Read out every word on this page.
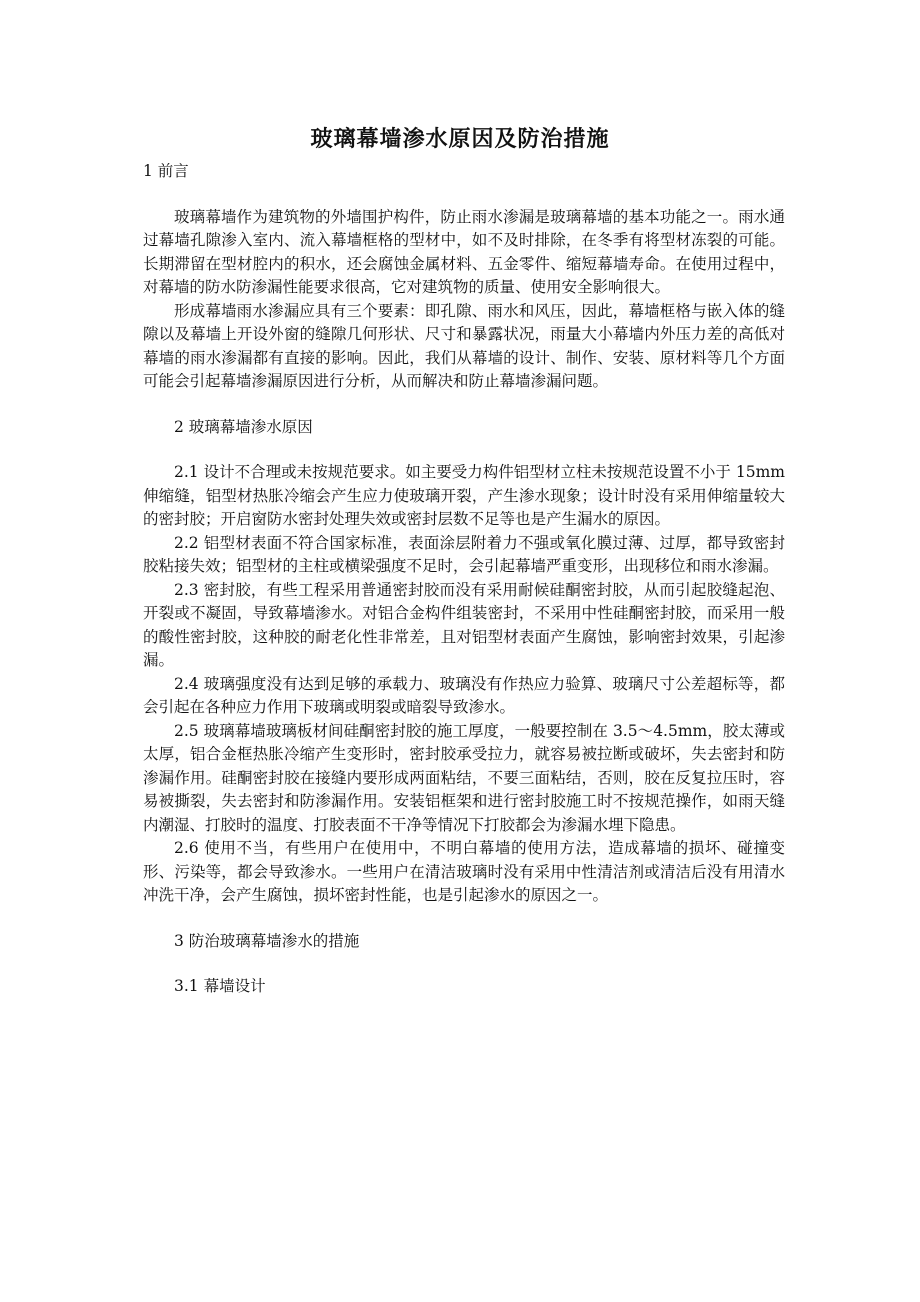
玻璃幕墙渗水原因及防治措施

1 前言

玻璃幕墙作为建筑物的外墙围护构件，防止雨水渗漏是玻璃幕墙的基本功能之一。雨水通过幕墙孔隙渗入室内、流入幕墙框格的型材中，如不及时排除，在冬季有将型材冻裂的可能。长期滞留在型材腔内的积水，还会腐蚀金属材料、五金零件、缩短幕墙寿命。在使用过程中，对幕墙的防水防渗漏性能要求很高，它对建筑物的质量、使用安全影响很大。

形成幕墙雨水渗漏应具有三个要素：即孔隙、雨水和风压，因此，幕墙框格与嵌入体的缝隙以及幕墙上开设外窗的缝隙几何形状、尺寸和暴露状况，雨量大小幕墙内外压力差的高低对幕墙的雨水渗漏都有直接的影响。因此，我们从幕墙的设计、制作、安装、原材料等几个方面可能会引起幕墙渗漏原因进行分析，从而解决和防止幕墙渗漏问题。

2 玻璃幕墙渗水原因

2.1 设计不合理或未按规范要求。如主要受力构件铝型材立柱未按规范设置不小于 15mm 伸缩缝，铝型材热胀冷缩会产生应力使玻璃开裂，产生渗水现象；设计时没有采用伸缩量较大的密封胶；开启窗防水密封处理失效或密封层数不足等也是产生漏水的原因。

2.2 铝型材表面不符合国家标准，表面涂层附着力不强或氧化膜过薄、过厚，都导致密封胶粘接失效；铝型材的主柱或横梁强度不足时，会引起幕墙严重变形，出现移位和雨水渗漏。

2.3 密封胶，有些工程采用普通密封胶而没有采用耐候硅酮密封胶，从而引起胶缝起泡、开裂或不凝固，导致幕墙渗水。对铝合金构件组装密封，不采用中性硅酮密封胶，而采用一般的酸性密封胶，这种胶的耐老化性非常差，且对铝型材表面产生腐蚀，影响密封效果，引起渗漏。

2.4 玻璃强度没有达到足够的承载力、玻璃没有作热应力验算、玻璃尺寸公差超标等，都会引起在各种应力作用下玻璃或明裂或暗裂导致渗水。

2.5 玻璃幕墙玻璃板材间硅酮密封胶的施工厚度，一般要控制在 3.5～4.5mm，胶太薄或太厚，铝合金框热胀冷缩产生变形时，密封胶承受拉力，就容易被拉断或破坏，失去密封和防渗漏作用。硅酮密封胶在接缝内要形成两面粘结，不要三面粘结，否则，胶在反复拉压时，容易被撕裂，失去密封和防渗漏作用。安装铝框架和进行密封胶施工时不按规范操作，如雨天缝内潮湿、打胶时的温度、打胶表面不干净等情况下打胶都会为渗漏水埋下隐患。

2.6 使用不当，有些用户在使用中，不明白幕墙的使用方法，造成幕墙的损坏、碰撞变形、污染等，都会导致渗水。一些用户在清洁玻璃时没有采用中性清洁剂或清洁后没有用清水冲洗干净，会产生腐蚀，损坏密封性能，也是引起渗水的原因之一。

3 防治玻璃幕墙渗水的措施

3.1 幕墙设计
